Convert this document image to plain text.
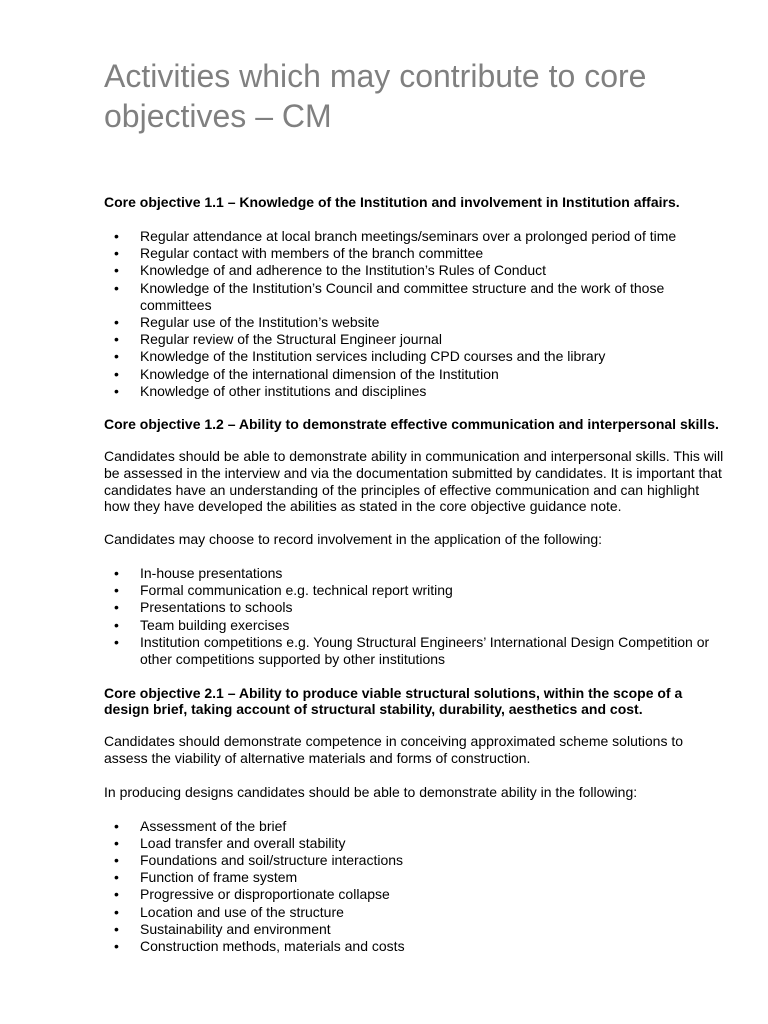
Activities which may contribute to core objectives – CM

Core objective 1.1 – Knowledge of the Institution and involvement in Institution affairs.

• Regular attendance at local branch meetings/seminars over a prolonged period of time
• Regular contact with members of the branch committee
• Knowledge of and adherence to the Institution’s Rules of Conduct
• Knowledge of the Institution’s Council and committee structure and the work of those committees
• Regular use of the Institution’s website
• Regular review of the Structural Engineer journal
• Knowledge of the Institution services including CPD courses and the library
• Knowledge of the international dimension of the Institution
• Knowledge of other institutions and disciplines

Core objective 1.2 – Ability to demonstrate effective communication and interpersonal skills.

Candidates should be able to demonstrate ability in communication and interpersonal skills. This will be assessed in the interview and via the documentation submitted by candidates. It is important that candidates have an understanding of the principles of effective communication and can highlight how they have developed the abilities as stated in the core objective guidance note.

Candidates may choose to record involvement in the application of the following:

• In-house presentations
• Formal communication e.g. technical report writing
• Presentations to schools
• Team building exercises
• Institution competitions e.g. Young Structural Engineers’ International Design Competition or other competitions supported by other institutions

Core objective 2.1 – Ability to produce viable structural solutions, within the scope of a design brief, taking account of structural stability, durability, aesthetics and cost.

Candidates should demonstrate competence in conceiving approximated scheme solutions to assess the viability of alternative materials and forms of construction.

In producing designs candidates should be able to demonstrate ability in the following:

• Assessment of the brief
• Load transfer and overall stability
• Foundations and soil/structure interactions
• Function of frame system
• Progressive or disproportionate collapse
• Location and use of the structure
• Sustainability and environment
• Construction methods, materials and costs
